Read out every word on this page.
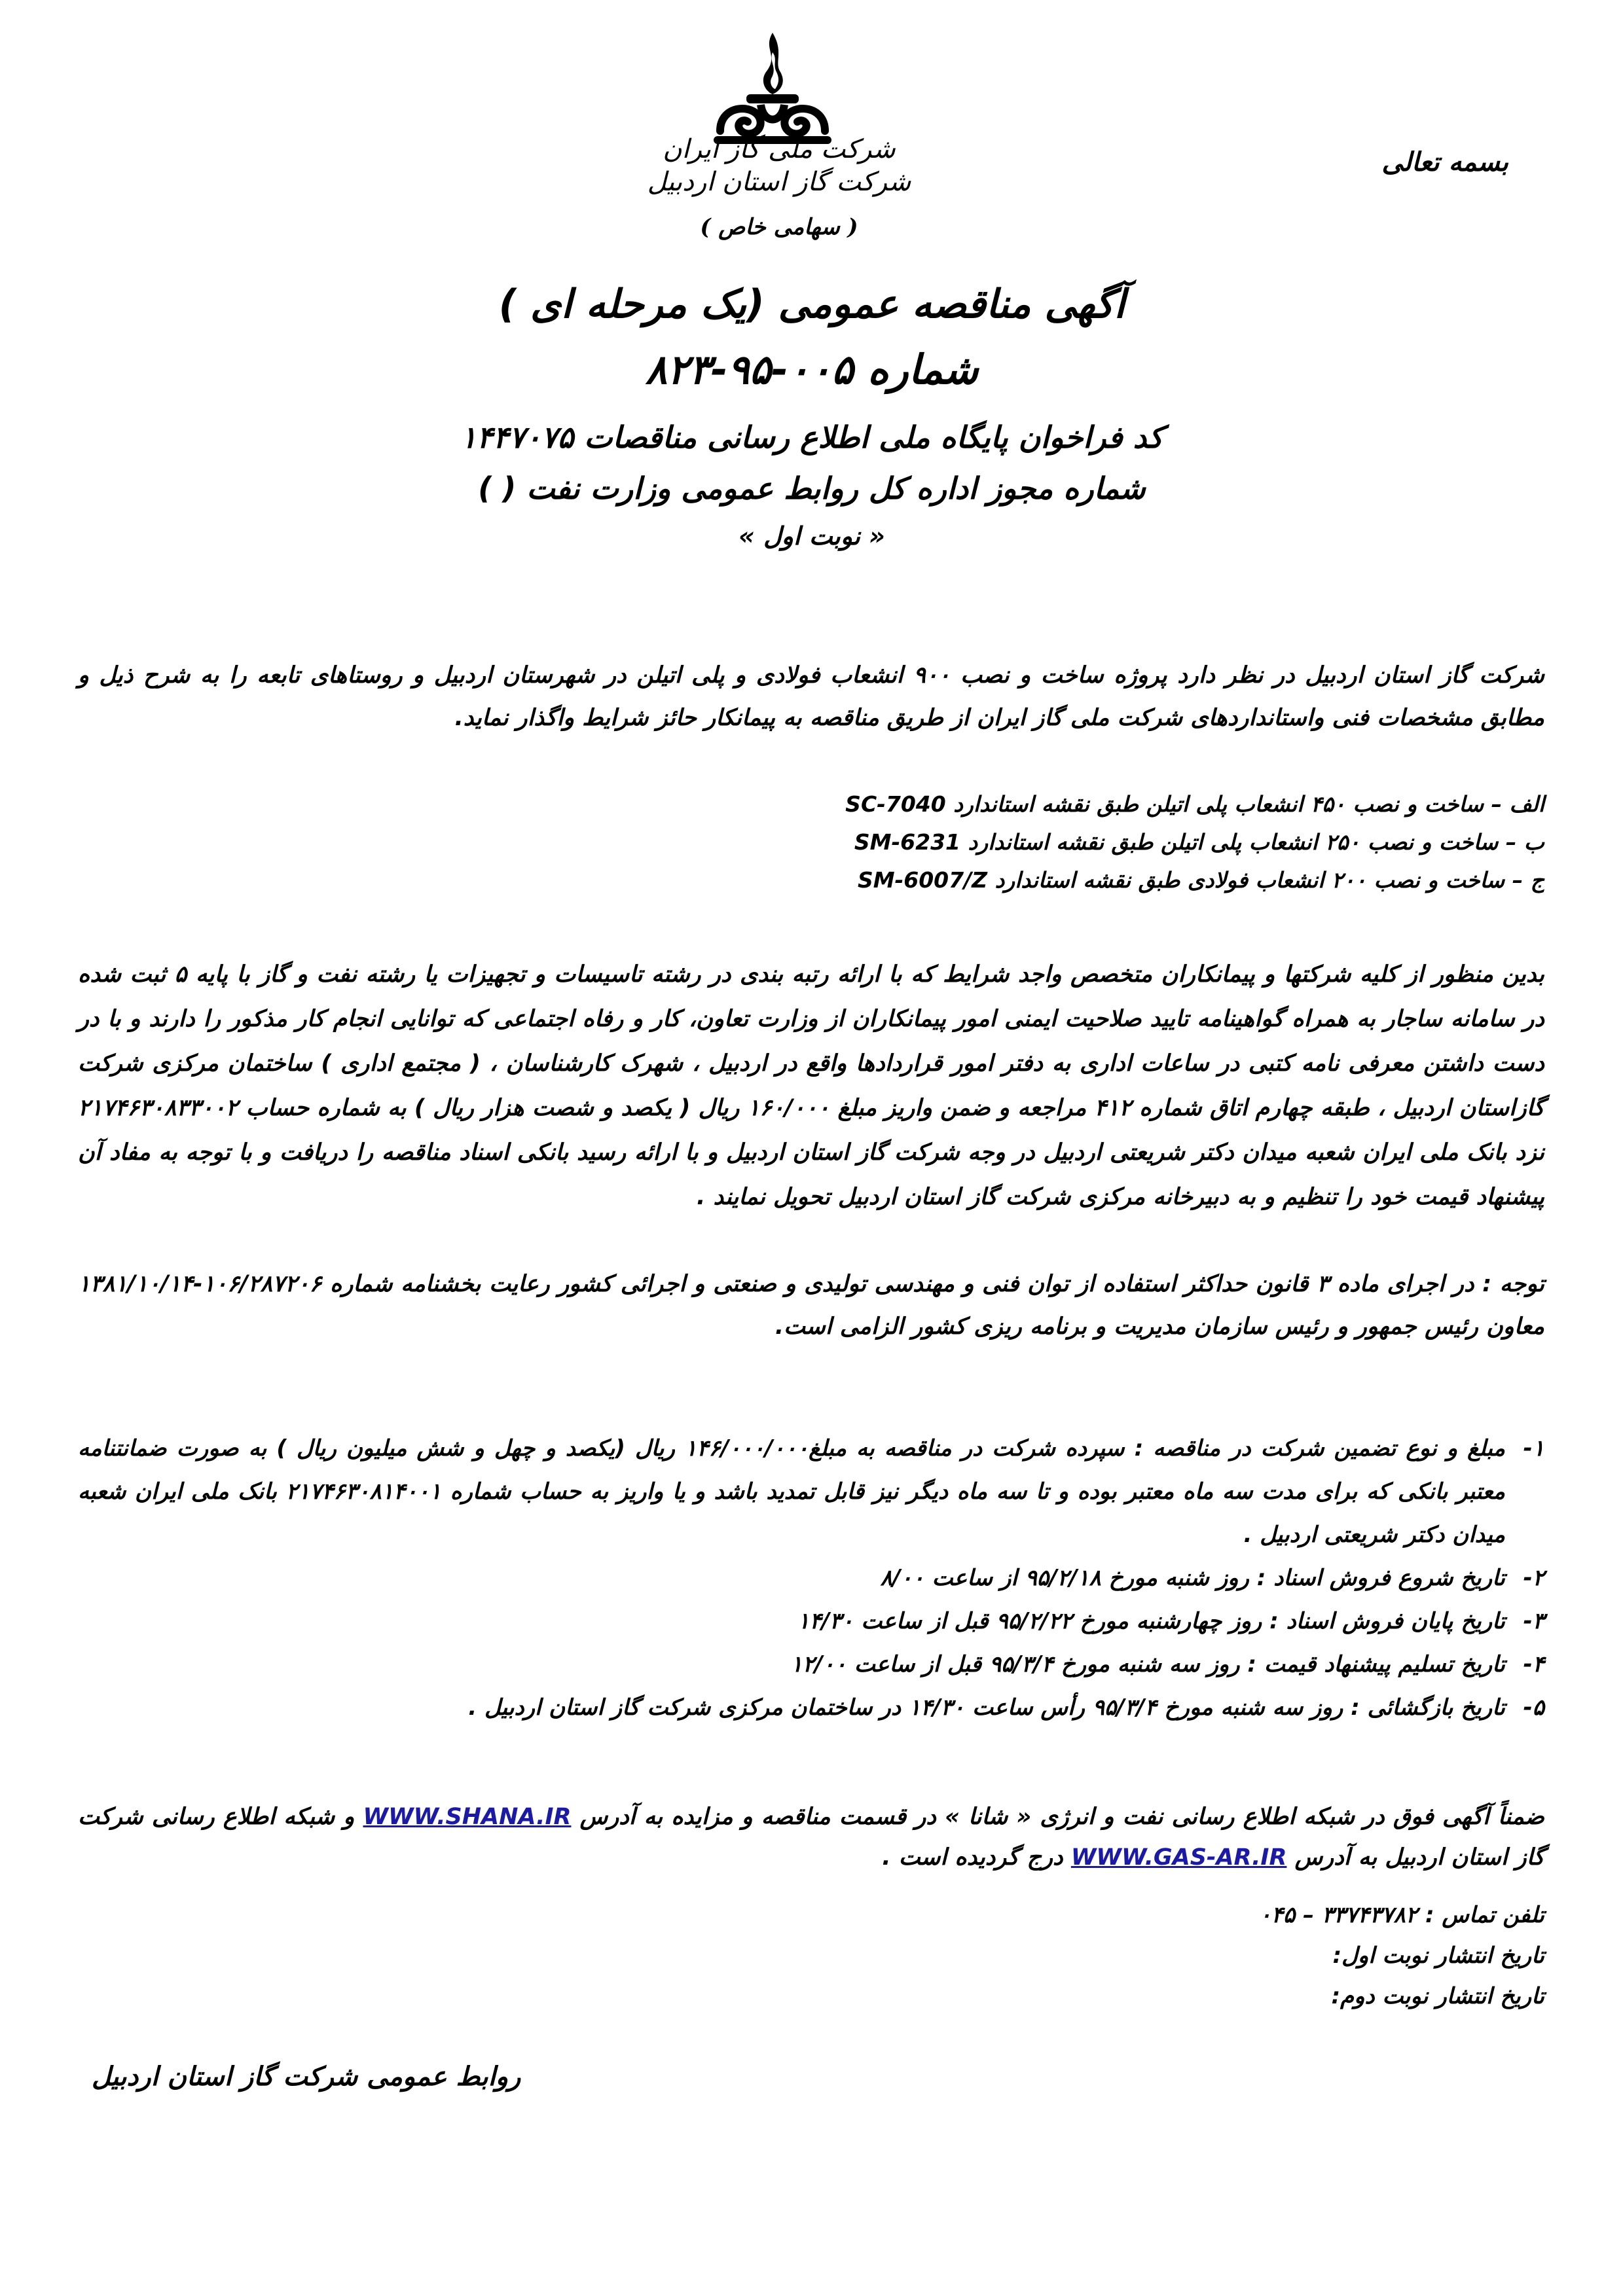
بسمه تعالی
شرکت ملی گاز ایران
شرکت گاز استان اردبیل
( سهامی خاص )
آگهی مناقصه عمومی (یک مرحله ای )
شماره ۰۰۵-۹۵-۸۲۳
کد فراخوان پایگاه ملی اطلاع رسانی مناقصات ۱۴۴۷۰۷۵
شماره مجوز اداره کل روابط عمومی وزارت نفت ( )
« نوبت اول »
شرکت گاز استان اردبیل در نظر دارد پروژه ساخت و نصب ۹۰۰ انشعاب فولادی و پلی اتیلن در شهرستان اردبیل و روستاهای تابعه را به شرح ذیل و مطابق مشخصات فنی واستانداردهای شرکت ملی گاز ایران از طریق مناقصه به پیمانکار حائز شرایط واگذار نماید.
الف – ساخت و نصب ۴۵۰ انشعاب پلی اتیلن طبق نقشه استاندارد SC-7040
ب – ساخت و نصب ۲۵۰ انشعاب پلی اتیلن طبق نقشه استاندارد SM-6231
ج – ساخت و نصب ۲۰۰ انشعاب فولادی طبق نقشه استاندارد SM-6007/Z
بدین منظور از کلیه شرکتها و پیمانکاران متخصص واجد شرایط که با ارائه رتبه بندی در رشته تاسیسات و تجهیزات یا رشته نفت و گاز با پایه ۵ ثبت شده در سامانه ساجار به همراه گواهینامه تایید صلاحیت ایمنی امور پیمانکاران از وزارت تعاون، کار و رفاه اجتماعی که توانایی انجام کار مذکور را دارند و با در دست داشتن معرفی نامه کتبی در ساعات اداری به دفتر امور قراردادها واقع در اردبیل ، شهرک کارشناسان ، ( مجتمع اداری ) ساختمان مرکزی شرکت گازاستان اردبیل ، طبقه چهارم اتاق شماره ۴۱۲ مراجعه و ضمن واریز مبلغ ۱۶۰/۰۰۰ ریال ( یکصد و شصت هزار ریال ) به شماره حساب ۲۱۷۴۶۳۰۸۳۳۰۰۲ نزد بانک ملی ایران شعبه میدان دکتر شریعتی اردبیل در وجه شرکت گاز استان اردبیل و با ارائه رسید بانکی اسناد مناقصه را دریافت و با توجه به مفاد آن پیشنهاد قیمت خود را تنظیم و به دبیرخانه مرکزی شرکت گاز استان اردبیل تحویل نمایند .
توجه : در اجرای ماده ۳ قانون حداکثر استفاده از توان فنی و مهندسی تولیدی و صنعتی و اجرائی کشور رعایت بخشنامه شماره ۱۰۶/۲۸۷۲۰۶-۱۳۸۱/۱۰/۱۴ معاون رئیس جمهور و رئیس سازمان مدیریت و برنامه ریزی کشور الزامی است.
۱-
مبلغ و نوع تضمین شرکت در مناقصه : سپرده شرکت در مناقصه به مبلغ۱۴۶/۰۰۰/۰۰۰ ریال (یکصد و چهل و شش میلیون ریال ) به صورت ضمانتنامه معتبر بانکی که برای مدت سه ماه معتبر بوده و تا سه ماه دیگر نیز قابل تمدید باشد و یا واریز به حساب شماره ۲۱۷۴۶۳۰۸۱۴۰۰۱ بانک ملی ایران شعبه میدان دکتر شریعتی اردبیل .
۲-
تاریخ شروع فروش اسناد : روز شنبه مورخ ۹۵/۲/۱۸ از ساعت ۸/۰۰
۳-
تاریخ پایان فروش اسناد : روز چهارشنبه مورخ ۹۵/۲/۲۲ قبل از ساعت ۱۴/۳۰
۴-
تاریخ تسلیم پیشنهاد قیمت : روز سه شنبه مورخ ۹۵/۳/۴ قبل از ساعت ۱۲/۰۰
۵-
تاریخ بازگشائی : روز سه شنبه مورخ ۹۵/۳/۴ رأس ساعت ۱۴/۳۰ در ساختمان مرکزی شرکت گاز استان اردبیل .
ضمناً آگهی فوق در شبکه اطلاع رسانی نفت و انرژی « شانا » در قسمت مناقصه و مزایده به آدرس WWW.SHANA.IR و شبکه اطلاع رسانی شرکت گاز استان اردبیل به آدرس WWW.GAS-AR.IR درج گردیده است .
تلفن تماس : ۳۳۷۴۳۷۸۲ – ۰۴۵
تاریخ انتشار نوبت اول:
تاریخ انتشار نوبت دوم:
روابط عمومی شرکت گاز استان اردبیل
